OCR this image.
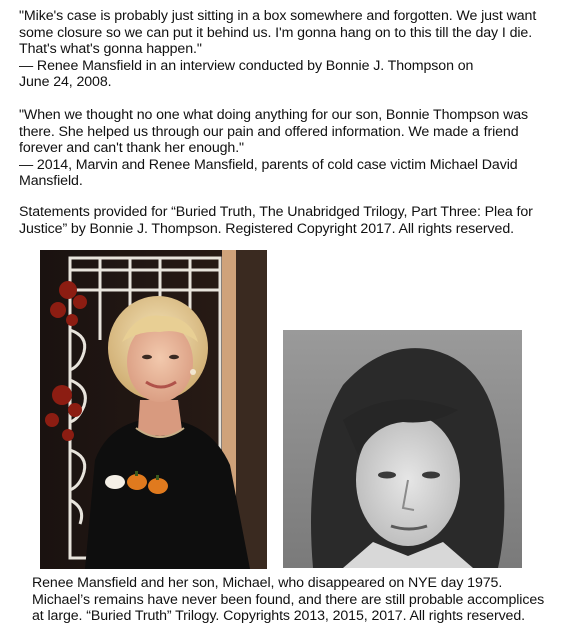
"Mike's case is probably just sitting in a box somewhere and forgotten. We just want
some closure so we can put it behind us. I'm gonna hang on to this till the day I die.
That's what's gonna happen."
— Renee Mansfield in an interview conducted by Bonnie J. Thompson on
June 24, 2008.
"When we thought no one what doing anything for our son, Bonnie Thompson was
there. She helped us through our pain and offered information. We made a friend
forever and can't thank her enough."
— 2014, Marvin and Renee Mansfield, parents of cold case victim Michael David
Mansfield.
Statements provided for “Buried Truth, The Unabridged Trilogy, Part Three: Plea for
Justice” by Bonnie J. Thompson. Registered Copyright 2017. All rights reserved.
Renee Mansfield and her son, Michael, who disappeared on NYE day 1975.
Michael’s remains have never been found, and there are still probable accomplices
at large. “Buried Truth” Trilogy. Copyrights 2013, 2015, 2017. All rights reserved.
